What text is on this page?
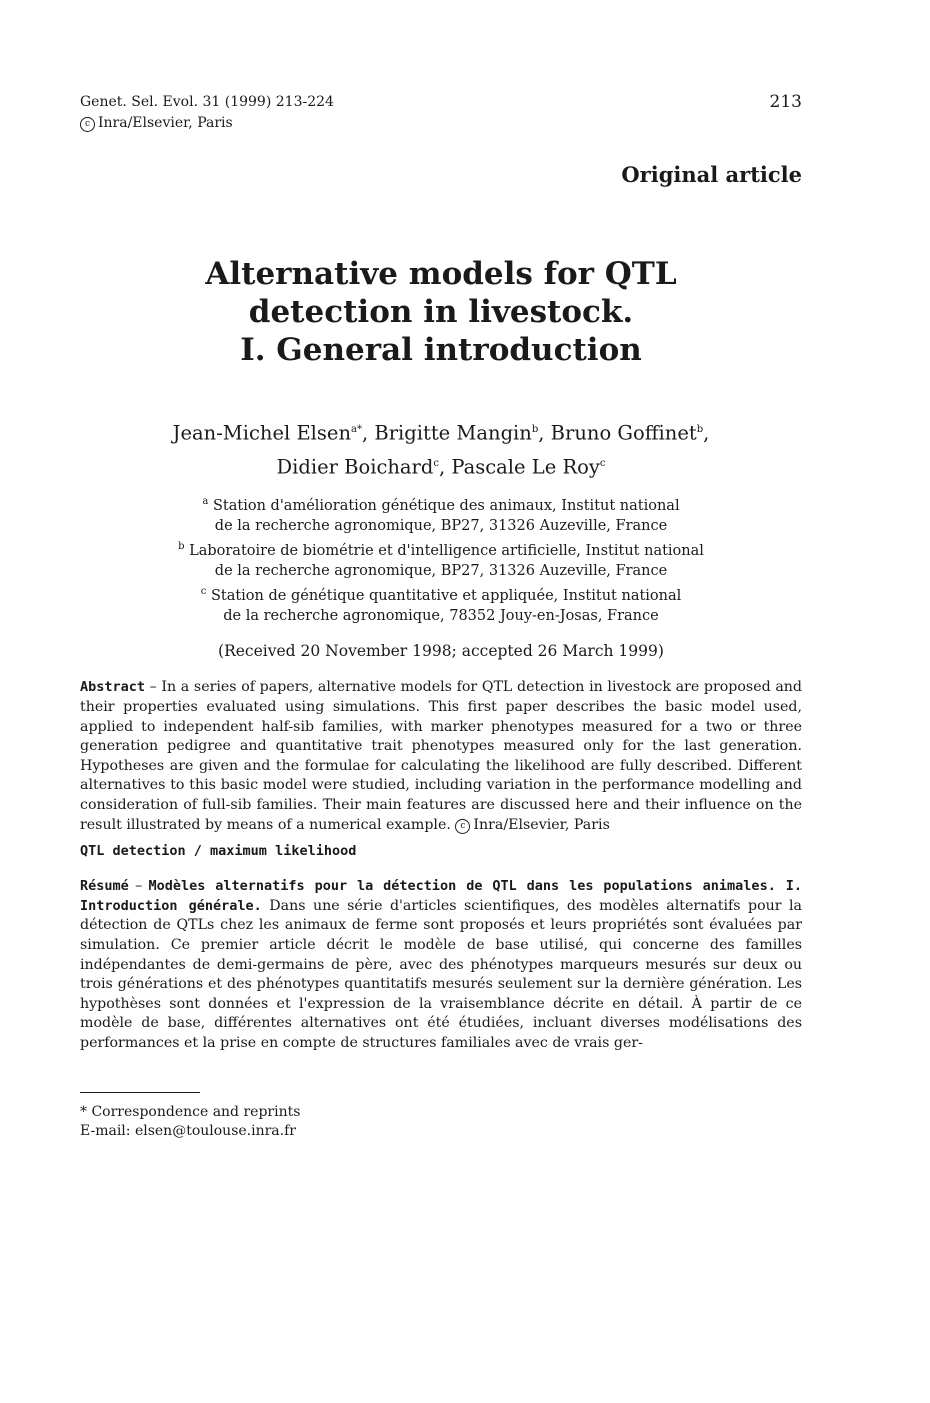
Genet. Sel. Evol. 31 (1999) 213-224
c Inra/Elsevier, Paris
213
Original article
Alternative models for QTL
detection in livestock.
I. General introduction
Jean-Michel Elsen$^{a*}$, Brigitte Mangin$^b$, Bruno Goffinet$^b$,
Didier Boichard$^c$, Pascale Le Roy$^c$
$^a$ Station d'amélioration génétique des animaux, Institut national
de la recherche agronomique, BP27, 31326 Auzeville, France
$^b$ Laboratoire de biométrie et d'intelligence artificielle, Institut national
de la recherche agronomique, BP27, 31326 Auzeville, France
$^c$ Station de génétique quantitative et appliquée, Institut national
de la recherche agronomique, 78352 Jouy-en-Josas, France
(Received 20 November 1998; accepted 26 March 1999)
Abstract – In a series of papers, alternative models for QTL detection in livestock are proposed and their properties evaluated using simulations. This first paper describes the basic model used, applied to independent half-sib families, with marker phenotypes measured for a two or three generation pedigree and quantitative trait phenotypes measured only for the last generation. Hypotheses are given and the formulae for calculating the likelihood are fully described. Different alternatives to this basic model were studied, including variation in the performance modelling and consideration of full-sib families. Their main features are discussed here and their influence on the result illustrated by means of a numerical example. c Inra/Elsevier, Paris
QTL detection / maximum likelihood
Résumé – Modèles alternatifs pour la détection de QTL dans les populations animales. I. Introduction générale. Dans une série d'articles scientifiques, des modèles alternatifs pour la détection de QTLs chez les animaux de ferme sont proposés et leurs propriétés sont évaluées par simulation. Ce premier article décrit le modèle de base utilisé, qui concerne des familles indépendantes de demi-germains de père, avec des phénotypes marqueurs mesurés sur deux ou trois générations et des phénotypes quantitatifs mesurés seulement sur la dernière génération. Les hypothèses sont données et l'expression de la vraisemblance décrite en détail. À partir de ce modèle de base, différentes alternatives ont été étudiées, incluant diverses modélisations des performances et la prise en compte de structures familiales avec de vrais ger-
* Correspondence and reprints
E-mail: elsen@toulouse.inra.fr
